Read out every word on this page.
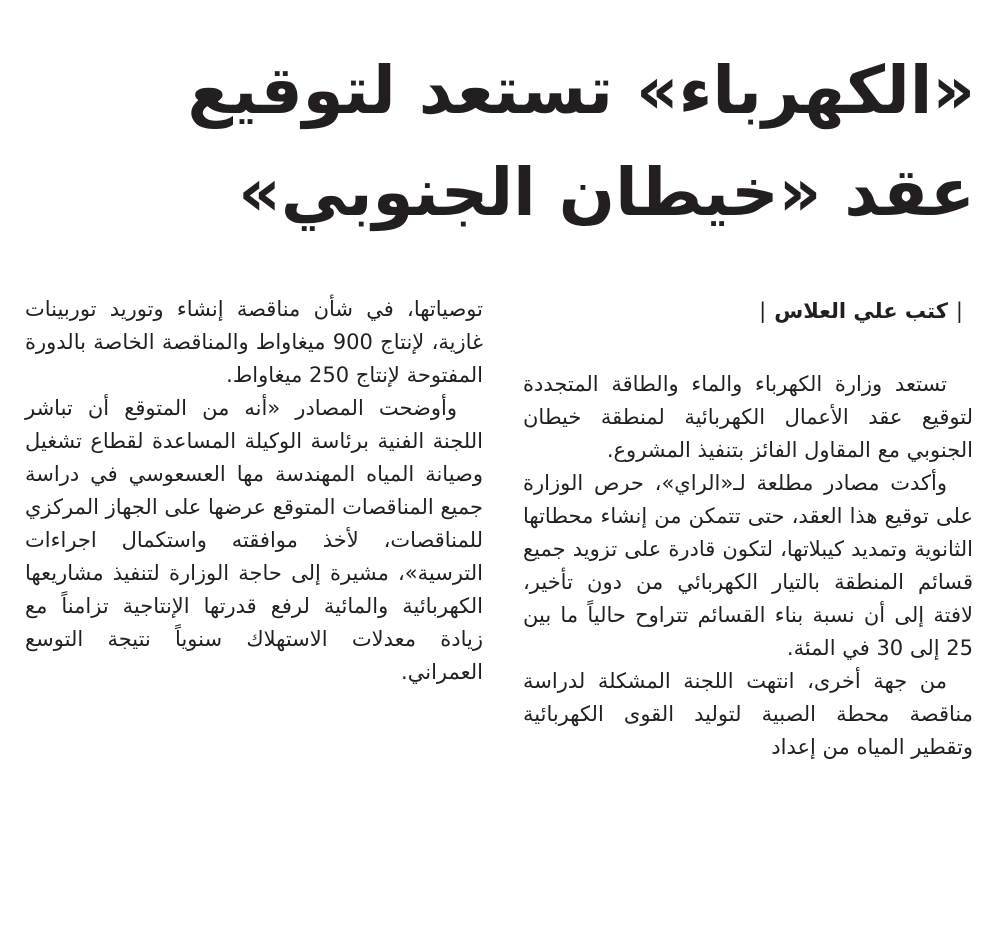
«الكهرباء» تستعد لتوقيع
عقد «خيطان الجنوبي»
|كتب علي العلاس|

تستعد وزارة الكهرباء والماء والطاقة المتجددة لتوقيع عقد الأعمال الكهربائية لمنطقة خيطان الجنوبي مع المقاول الفائز بتنفيذ المشروع.

وأكدت مصادر مطلعة لـ«الراي»، حرص الوزارة على توقيع هذا العقد، حتى تتمكن من إنشاء محطاتها الثانوية وتمديد كيبلاتها، لتكون قادرة على تزويد جميع قسائم المنطقة بالتيار الكهربائي من دون تأخير، لافتة إلى أن نسبة بناء القسائم تتراوح حالياً ما بين 25 إلى 30 في المئة.

من جهة أخرى، انتهت اللجنة المشكلة لدراسة مناقصة محطة الصبية لتوليد القوى الكهربائية وتقطير المياه من إعداد

توصياتها، في شأن مناقصة إنشاء وتوريد توربينات غازية، لإنتاج 900 ميغاواط والمناقصة الخاصة بالدورة المفتوحة لإنتاج 250 ميغاواط.

وأوضحت المصادر «أنه من المتوقع أن تباشر اللجنة الفنية برئاسة الوكيلة المساعدة لقطاع تشغيل وصيانة المياه المهندسة مها العسعوسي في دراسة جميع المناقصات المتوقع عرضها على الجهاز المركزي للمناقصات، لأخذ موافقته واستكمال اجراءات الترسية»، مشيرة إلى حاجة الوزارة لتنفيذ مشاريعها الكهربائية والمائية لرفع قدرتها الإنتاجية تزامناً مع زيادة معدلات الاستهلاك سنوياً نتيجة التوسع العمراني.
